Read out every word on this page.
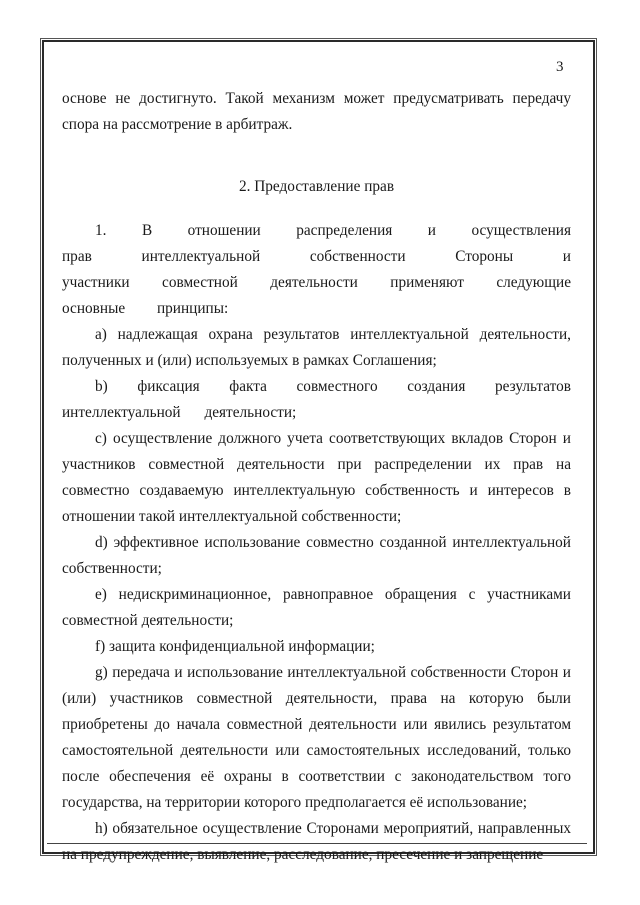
3

основе не достигнуто. Такой механизм может предусматривать передачу спора на рассмотрение в арбитраж.

2. Предоставление прав

1. В отношении распределения и осуществления прав интеллектуальной собственности Стороны и участники совместной деятельности применяют следующие основные принципы:

a) надлежащая охрана результатов интеллектуальной деятельности, полученных и (или) используемых в рамках Соглашения;

b) фиксация факта совместного создания результатов интеллектуальной деятельности;

c) осуществление должного учета соответствующих вкладов Сторон и участников совместной деятельности при распределении их прав на совместно создаваемую интеллектуальную собственность и интересов в отношении такой интеллектуальной собственности;

d) эффективное использование совместно созданной интеллектуальной собственности;

e) недискриминационное, равноправное обращения с участниками совместной деятельности;

f) защита конфиденциальной информации;

g) передача и использование интеллектуальной собственности Сторон и (или) участников совместной деятельности, права на которую были приобретены до начала совместной деятельности или явились результатом самостоятельной деятельности или самостоятельных исследований, только после обеспечения её охраны в соответствии с законодательством того государства, на территории которого предполагается её использование;

h) обязательное осуществление Сторонами мероприятий, направленных на предупреждение, выявление, расследование, пресечение и запрещение
